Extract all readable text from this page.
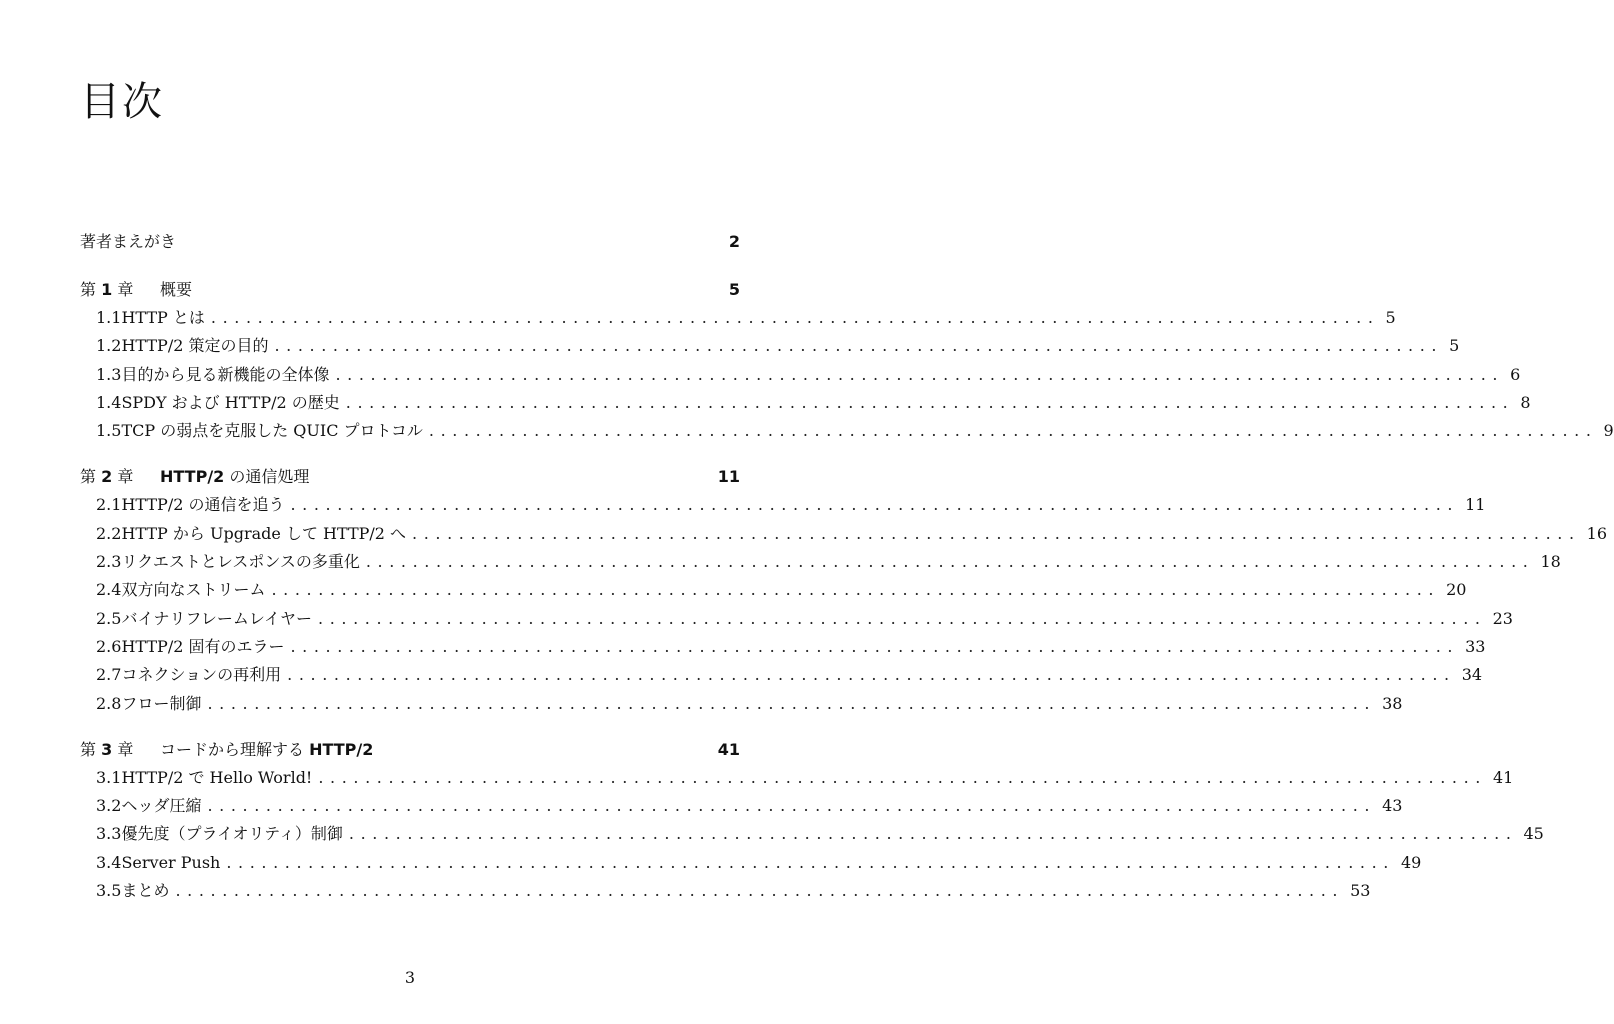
目次
著者まえがき	2
第 1 章	概要	5
1.1 HTTP とは .................................................................................................... 5
1.2 HTTP/2 策定の目的 .................................................................................................... 5
1.3 目的から見る新機能の全体像 .................................................................................................... 6
1.4 SPDY および HTTP/2 の歴史 .................................................................................................... 8
1.5 TCP の弱点を克服した QUIC プロトコル .................................................................................................... 9
第 2 章	HTTP/2 の通信処理	11
2.1 HTTP/2 の通信を追う .................................................................................................... 11
2.2 HTTP から Upgrade して HTTP/2 へ .................................................................................................... 16
2.3 リクエストとレスポンスの多重化 .................................................................................................... 18
2.4 双方向なストリーム .................................................................................................... 20
2.5 バイナリフレームレイヤー .................................................................................................... 23
2.6 HTTP/2 固有のエラー .................................................................................................... 33
2.7 コネクションの再利用 .................................................................................................... 34
2.8 フロー制御 .................................................................................................... 38
第 3 章	コードから理解する HTTP/2	41
3.1 HTTP/2 で Hello World! .................................................................................................... 41
3.2 ヘッダ圧縮 .................................................................................................... 43
3.3 優先度（プライオリティ）制御 .................................................................................................... 45
3.4 Server Push .................................................................................................... 49
3.5 まとめ .................................................................................................... 53
3
